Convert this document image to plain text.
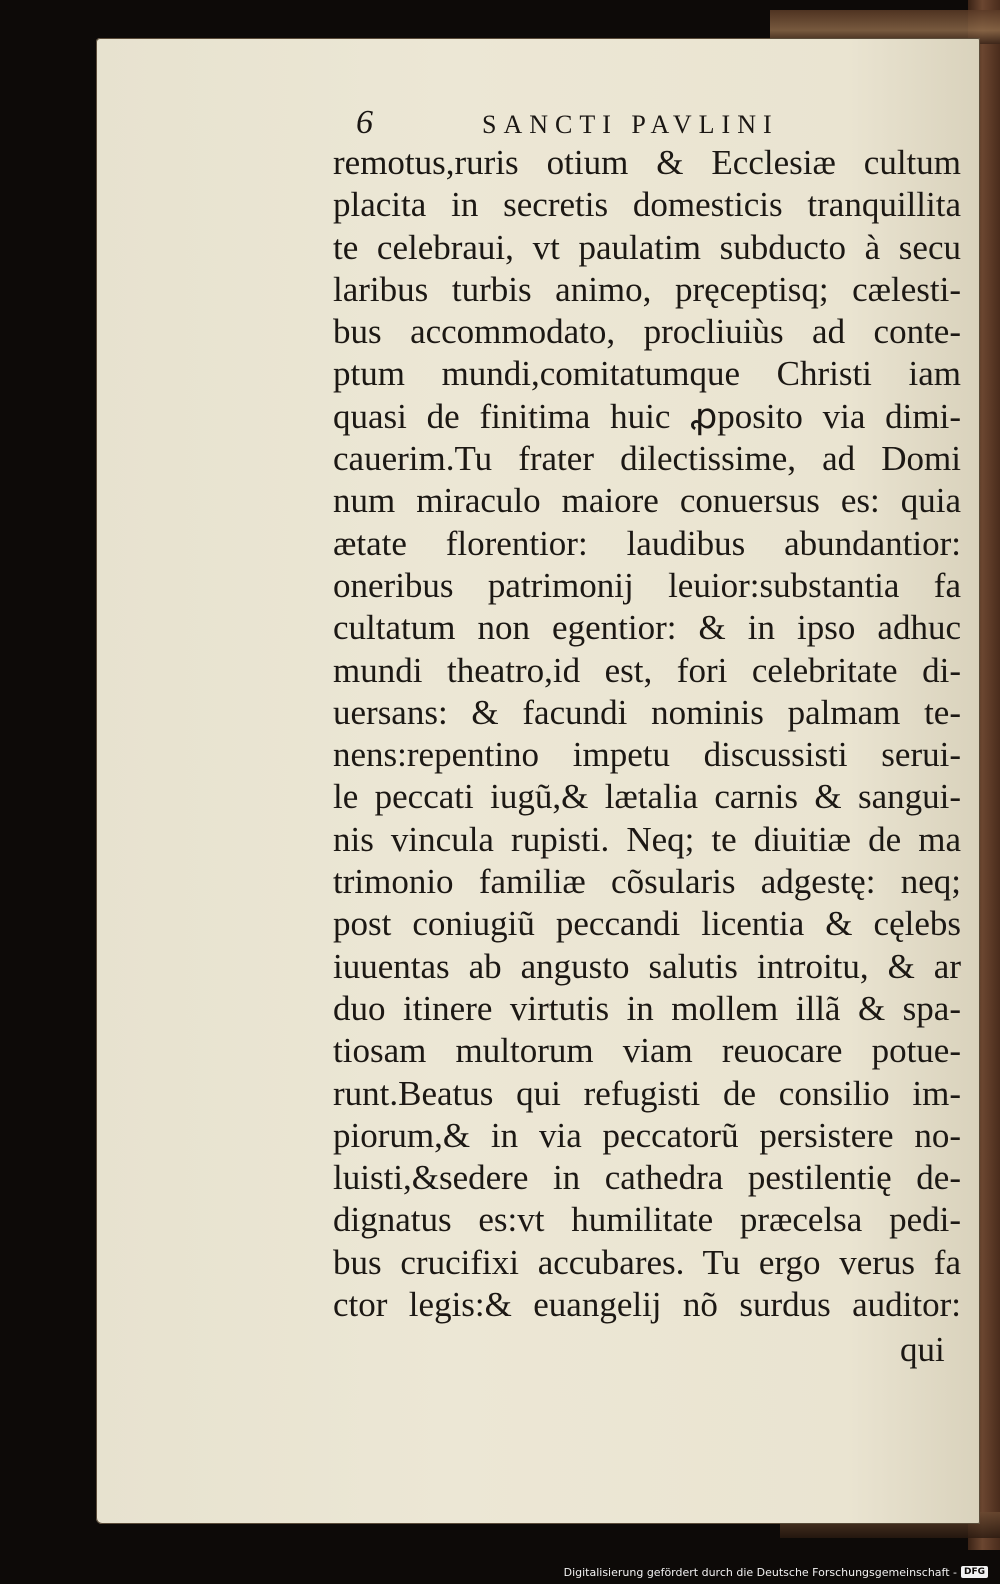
6	SANCTI PAVLINI
remotus,ruris otium & Ecclesiæ cultum
placita in secretis domesticis tranquillita
te celebraui, vt paulatim subducto à secu
laribus turbis animo, pręceptisq; cælesti-
bus accommodato, procliuiùs ad conte-
ptum mundi,comitatumque Christi iam
quasi de finitima huic ꝓposito via dimi-
cauerim.Tu frater dilectissime, ad Domi
num miraculo maiore conuersus es: quia
ætate florentior: laudibus abundantior:
oneribus patrimonij leuior:substantia fa
cultatum non egentior: & in ipso adhuc
mundi theatro,id est, fori celebritate di-
uersans: & facundi nominis palmam te-
nens:repentino impetu discussisti serui-
le peccati iugũ,& lætalia carnis & sangui-
nis vincula rupisti. Neq; te diuitiæ de ma
trimonio familiæ cõsularis adgestę: neq;
post coniugiũ peccandi licentia & cęlebs
iuuentas ab angusto salutis introitu, & ar
duo itinere virtutis in mollem illã & spa-
tiosam multorum viam reuocare potue-
runt.Beatus qui refugisti de consilio im-
piorum,& in via peccatorũ persistere no-
luisti,&sedere in cathedra pestilentię de-
dignatus es:vt humilitate præcelsa pedi-
bus crucifixi accubares. Tu ergo verus fa
ctor legis:& euangelij nõ surdus auditor:
qui
Digitalisierung gefördert durch die Deutsche Forschungsgemeinschaft - DFG
